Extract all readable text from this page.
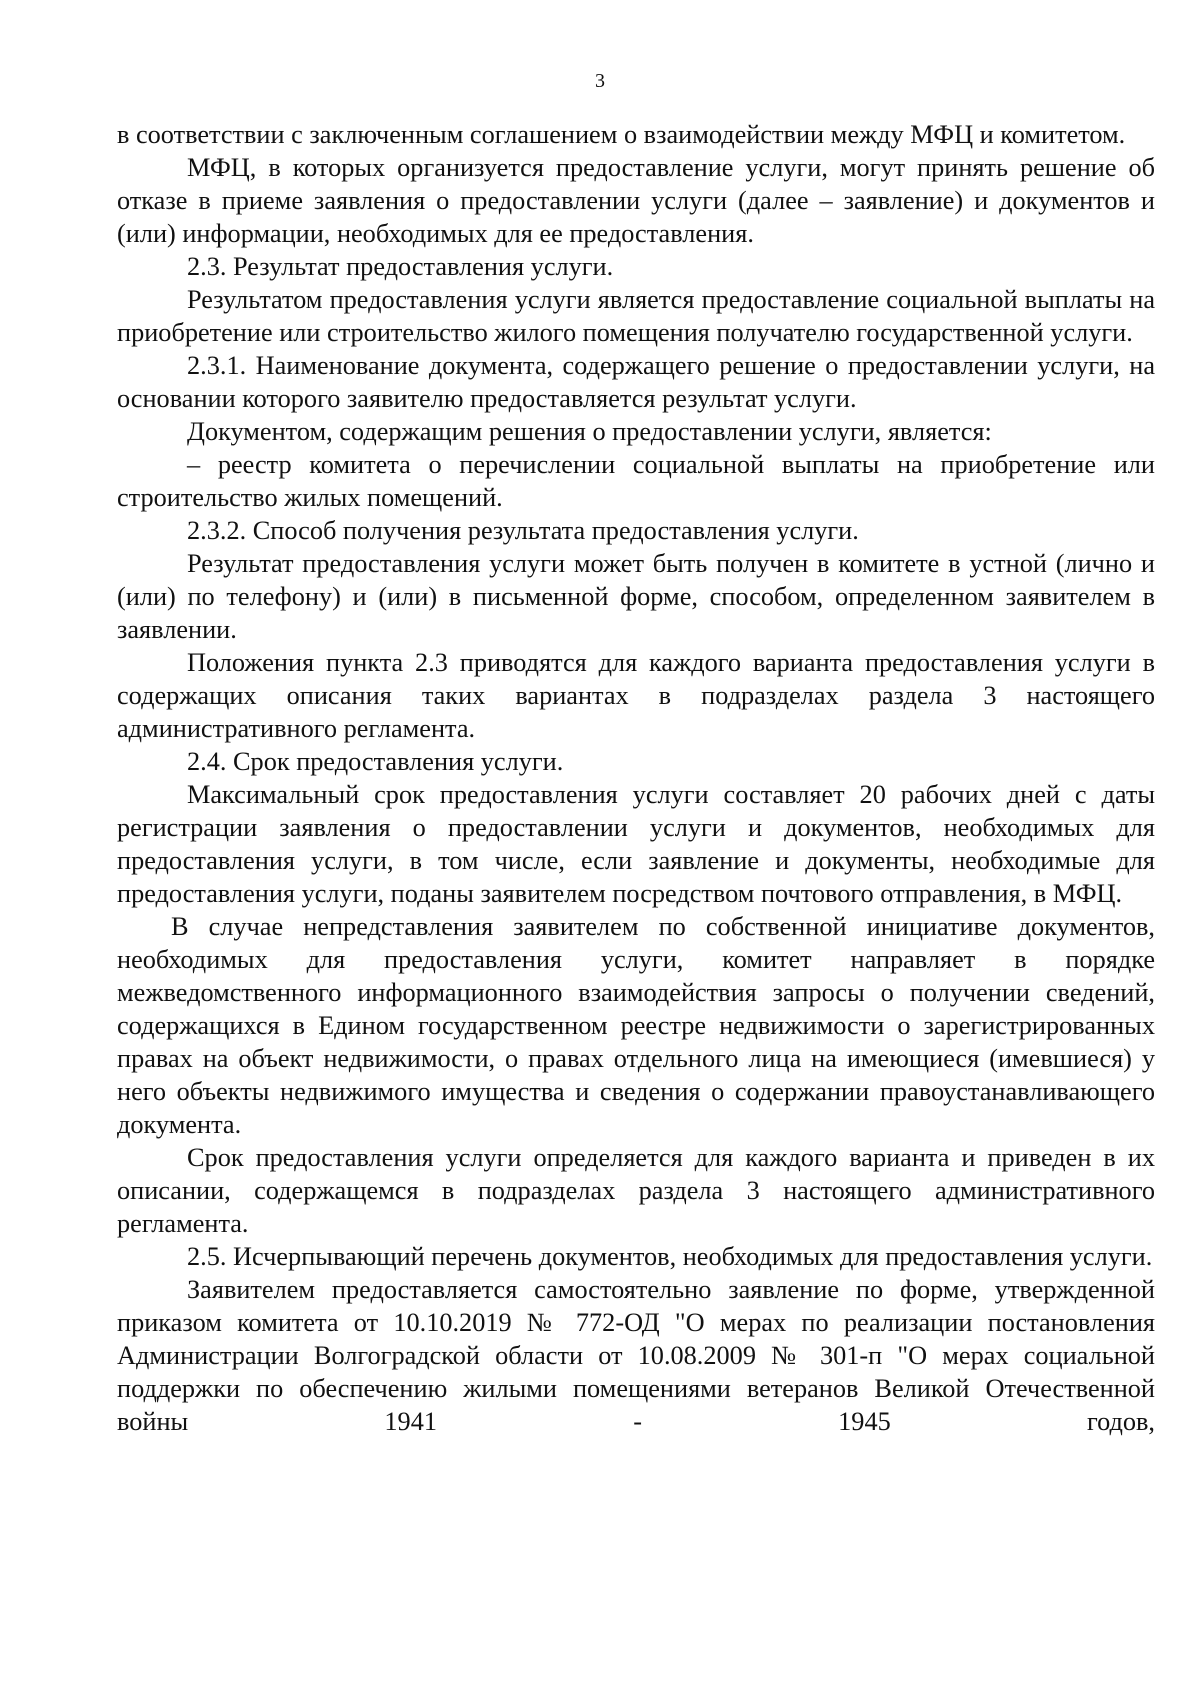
3

в соответствии с заключенным соглашением о взаимодействии между МФЦ и комитетом.

МФЦ, в которых организуется предоставление услуги, могут принять решение об отказе в приеме заявления о предоставлении услуги (далее – заявление) и документов и (или) информации, необходимых для ее предоставления.

2.3. Результат предоставления услуги.

Результатом предоставления услуги является предоставление социальной выплаты на приобретение или строительство жилого помещения получателю государственной услуги.

2.3.1. Наименование документа, содержащего решение о предоставлении услуги, на основании которого заявителю предоставляется результат услуги.

Документом, содержащим решения о предоставлении услуги, является:

– реестр комитета о перечислении социальной выплаты на приобретение или строительство жилых помещений.

2.3.2. Способ получения результата предоставления услуги.

Результат предоставления услуги может быть получен в комитете в устной (лично и (или) по телефону) и (или) в письменной форме, способом, определенном заявителем в заявлении.

Положения пункта 2.3 приводятся для каждого варианта предоставления услуги в содержащих описания таких вариантах в подразделах раздела 3 настоящего административного регламента.

2.4. Срок предоставления услуги.

Максимальный срок предоставления услуги составляет 20 рабочих дней с даты регистрации заявления о предоставлении услуги и документов, необходимых для предоставления услуги, в том числе, если заявление и документы, необходимые для предоставления услуги, поданы заявителем посредством почтового отправления, в МФЦ.

В случае непредставления заявителем по собственной инициативе документов, необходимых для предоставления услуги, комитет направляет в порядке межведомственного информационного взаимодействия запросы о получении сведений, содержащихся в Едином государственном реестре недвижимости о зарегистрированных правах на объект недвижимости, о правах отдельного лица на имеющиеся (имевшиеся) у него объекты недвижимого имущества и сведения о содержании правоустанавливающего документа.

Срок предоставления услуги определяется для каждого варианта и приведен в их описании, содержащемся в подразделах раздела 3 настоящего административного регламента.

2.5. Исчерпывающий перечень документов, необходимых для предоставления услуги.

Заявителем предоставляется самостоятельно заявление по форме, утвержденной приказом комитета от 10.10.2019 № 772-ОД "О мерах по реализации постановления Администрации Волгоградской области от 10.08.2009 № 301-п "О мерах социальной поддержки по обеспечению жилыми помещениями ветеранов Великой Отечественной войны 1941 - 1945 годов,
